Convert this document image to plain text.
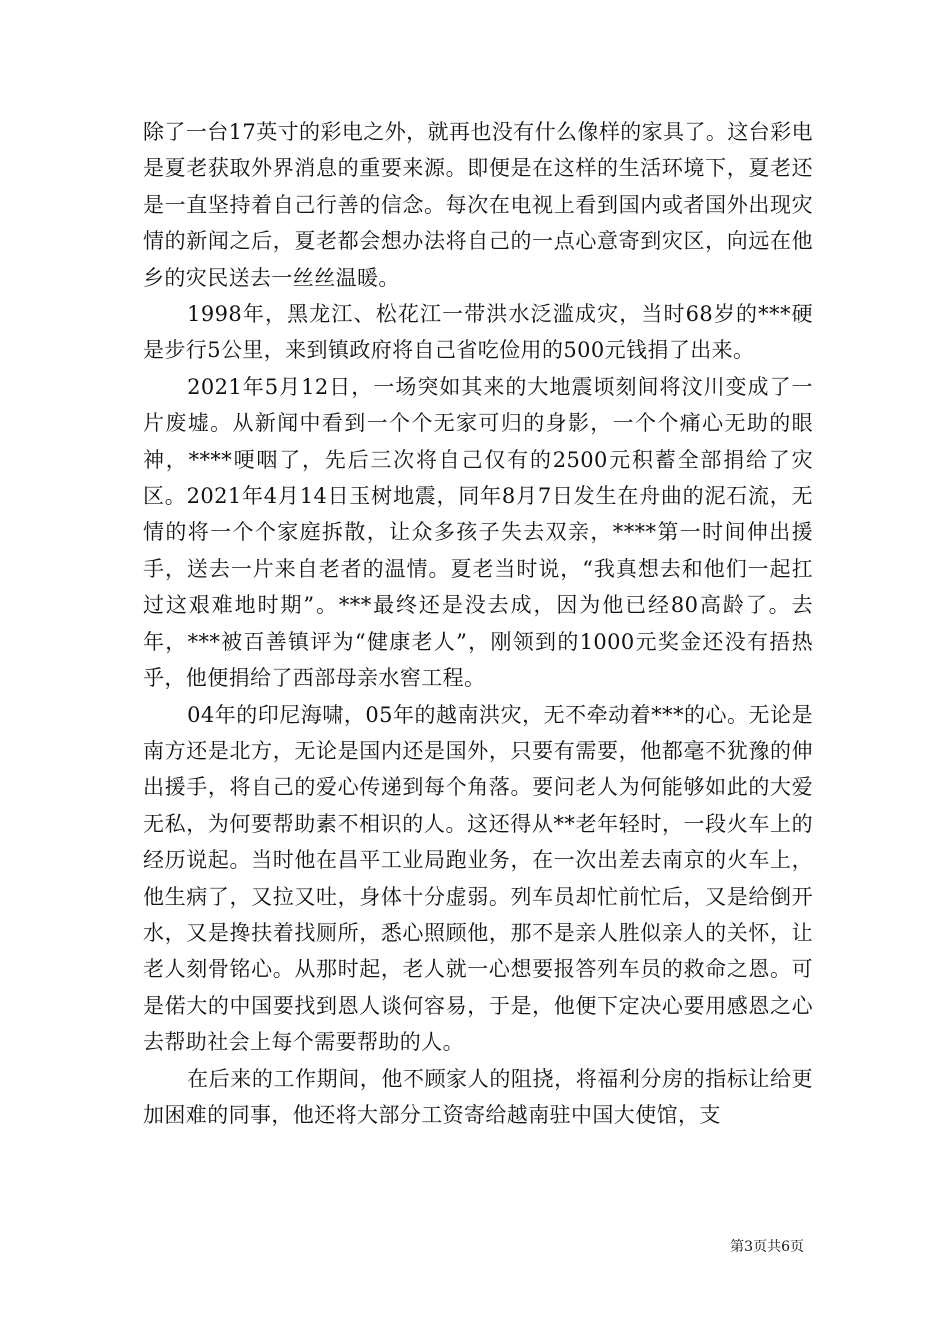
除了一台17英寸的彩电之外，就再也没有什么像样的家具了。这台彩电是夏老获取外界消息的重要来源。即便是在这样的生活环境下，夏老还是一直坚持着自己行善的信念。每次在电视上看到国内或者国外出现灾情的新闻之后，夏老都会想办法将自己的一点心意寄到灾区，向远在他乡的灾民送去一丝丝温暖。

1998年，黑龙江、松花江一带洪水泛滥成灾，当时68岁的***硬是步行5公里，来到镇政府将自己省吃俭用的500元钱捐了出来。

2021年5月12日，一场突如其来的大地震顷刻间将汶川变成了一片废墟。从新闻中看到一个个无家可归的身影，一个个痛心无助的眼神，****哽咽了，先后三次将自己仅有的2500元积蓄全部捐给了灾区。2021年4月14日玉树地震，同年8月7日发生在舟曲的泥石流，无情的将一个个家庭拆散，让众多孩子失去双亲，****第一时间伸出援手，送去一片来自老者的温情。夏老当时说，“我真想去和他们一起扛过这艰难地时期”。***最终还是没去成，因为他已经80高龄了。去年，***被百善镇评为“健康老人”，刚领到的1000元奖金还没有捂热乎，他便捐给了西部母亲水窖工程。

04年的印尼海啸，05年的越南洪灾，无不牵动着***的心。无论是南方还是北方，无论是国内还是国外，只要有需要，他都毫不犹豫的伸出援手，将自己的爱心传递到每个角落。要问老人为何能够如此的大爱无私，为何要帮助素不相识的人。这还得从**老年轻时，一段火车上的经历说起。当时他在昌平工业局跑业务，在一次出差去南京的火车上，他生病了，又拉又吐，身体十分虚弱。列车员却忙前忙后，又是给倒开水，又是搀扶着找厕所，悉心照顾他，那不是亲人胜似亲人的关怀，让老人刻骨铭心。从那时起，老人就一心想要报答列车员的救命之恩。可是偌大的中国要找到恩人谈何容易，于是，他便下定决心要用感恩之心去帮助社会上每个需要帮助的人。

在后来的工作期间，他不顾家人的阻挠，将福利分房的指标让给更加困难的同事，他还将大部分工资寄给越南驻中国大使馆，支

第3页共6页
